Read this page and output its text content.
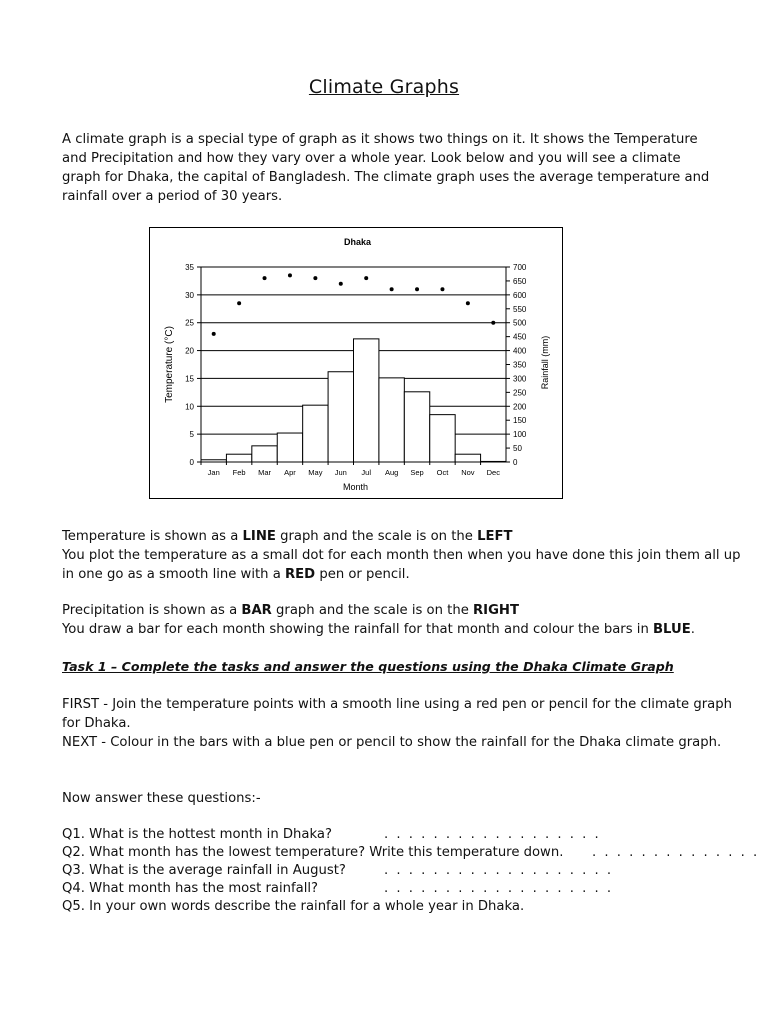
Climate Graphs
A climate graph is a special type of graph as it shows two things on it. It shows the Temperature and Precipitation and how they vary over a whole year. Look below and you will see a climate graph for Dhaka, the capital of Bangladesh. The climate graph uses the average temperature and rainfall over a period of 30 years.
Dhaka
0
5
10
15
20
25
30
35
0
50
100
150
200
250
300
350
400
450
500
550
600
650
700
Jan Feb Mar Apr May Jun Jul Aug Sep Oct Nov Dec
Month
Temperature (°C)	Rainfall (mm)
Temperature is shown as a LINE graph and the scale is on the LEFT
You plot the temperature as a small dot for each month then when you have done this join them all up in one go as a smooth line with a RED pen or pencil.
Precipitation is shown as a BAR graph and the scale is on the RIGHT
You draw a bar for each month showing the rainfall for that month and colour the bars in BLUE.
Task 1 – Complete the tasks and answer the questions using the Dhaka Climate Graph
FIRST - Join the temperature points with a smooth line using a red pen or pencil for the climate graph for Dhaka.
NEXT - Colour in the bars with a blue pen or pencil to show the rainfall for the Dhaka climate graph.
Now answer these questions:-
Q1. What is the hottest month in Dhaka?	. . . . . . . . . . . . . . . . . .
Q2. What month has the lowest temperature? Write this temperature down. . . . . . . . . . . . . . .
Q3. What is the average rainfall in August?	. . . . . . . . . . . . . . . . . . .
Q4. What month has the most rainfall?	. . . . . . . . . . . . . . . . . . .
Q5. In your own words describe the rainfall for a whole year in Dhaka.
